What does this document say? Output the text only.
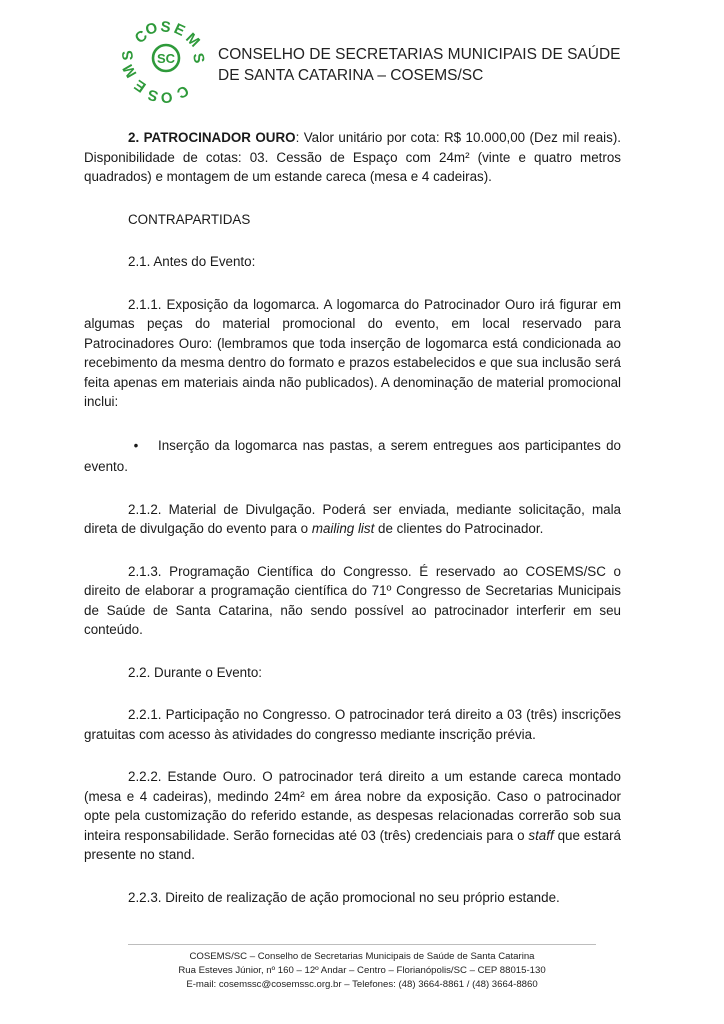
SC
C
O S E
M
S
C
O
S
E
M
S	CONSELHO DE SECRETARIAS MUNICIPAIS DE SAÚDE
DE SANTA CATARINA – COSEMS/SC

2. PATROCINADOR OURO: Valor unitário por cota: R$ 10.000,00 (Dez mil reais). Disponibilidade de cotas: 03. Cessão de Espaço com 24m² (vinte e quatro metros quadrados) e montagem de um estande careca (mesa e 4 cadeiras).

CONTRAPARTIDAS

2.1. Antes do Evento:

2.1.1. Exposição da logomarca. A logomarca do Patrocinador Ouro irá figurar em algumas peças do material promocional do evento, em local reservado para Patrocinadores Ouro: (lembramos que toda inserção de logomarca está condicionada ao recebimento da mesma dentro do formato e prazos estabelecidos e que sua inclusão será feita apenas em materiais ainda não publicados). A denominação de material promocional inclui:

• Inserção da logomarca nas pastas, a serem entregues aos participantes do evento.

2.1.2. Material de Divulgação. Poderá ser enviada, mediante solicitação, mala direta de divulgação do evento para o mailing list de clientes do Patrocinador.

2.1.3. Programação Científica do Congresso. É reservado ao COSEMS/SC o direito de elaborar a programação científica do 71º Congresso de Secretarias Municipais de Saúde de Santa Catarina, não sendo possível ao patrocinador interferir em seu conteúdo.

2.2. Durante o Evento:

2.2.1. Participação no Congresso. O patrocinador terá direito a 03 (três) inscrições gratuitas com acesso às atividades do congresso mediante inscrição prévia.

2.2.2. Estande Ouro. O patrocinador terá direito a um estande careca montado (mesa e 4 cadeiras), medindo 24m² em área nobre da exposição. Caso o patrocinador opte pela customização do referido estande, as despesas relacionadas correrão sob sua inteira responsabilidade. Serão fornecidas até 03 (três) credenciais para o staff que estará presente no stand.

2.2.3. Direito de realização de ação promocional no seu próprio estande.

COSEMS/SC – Conselho de Secretarias Municipais de Saúde de Santa Catarina
Rua Esteves Júnior, nº 160 – 12º Andar – Centro – Florianópolis/SC – CEP 88015-130
E-mail: cosemssc@cosemssc.org.br – Telefones: (48) 3664-8861 / (48) 3664-8860
